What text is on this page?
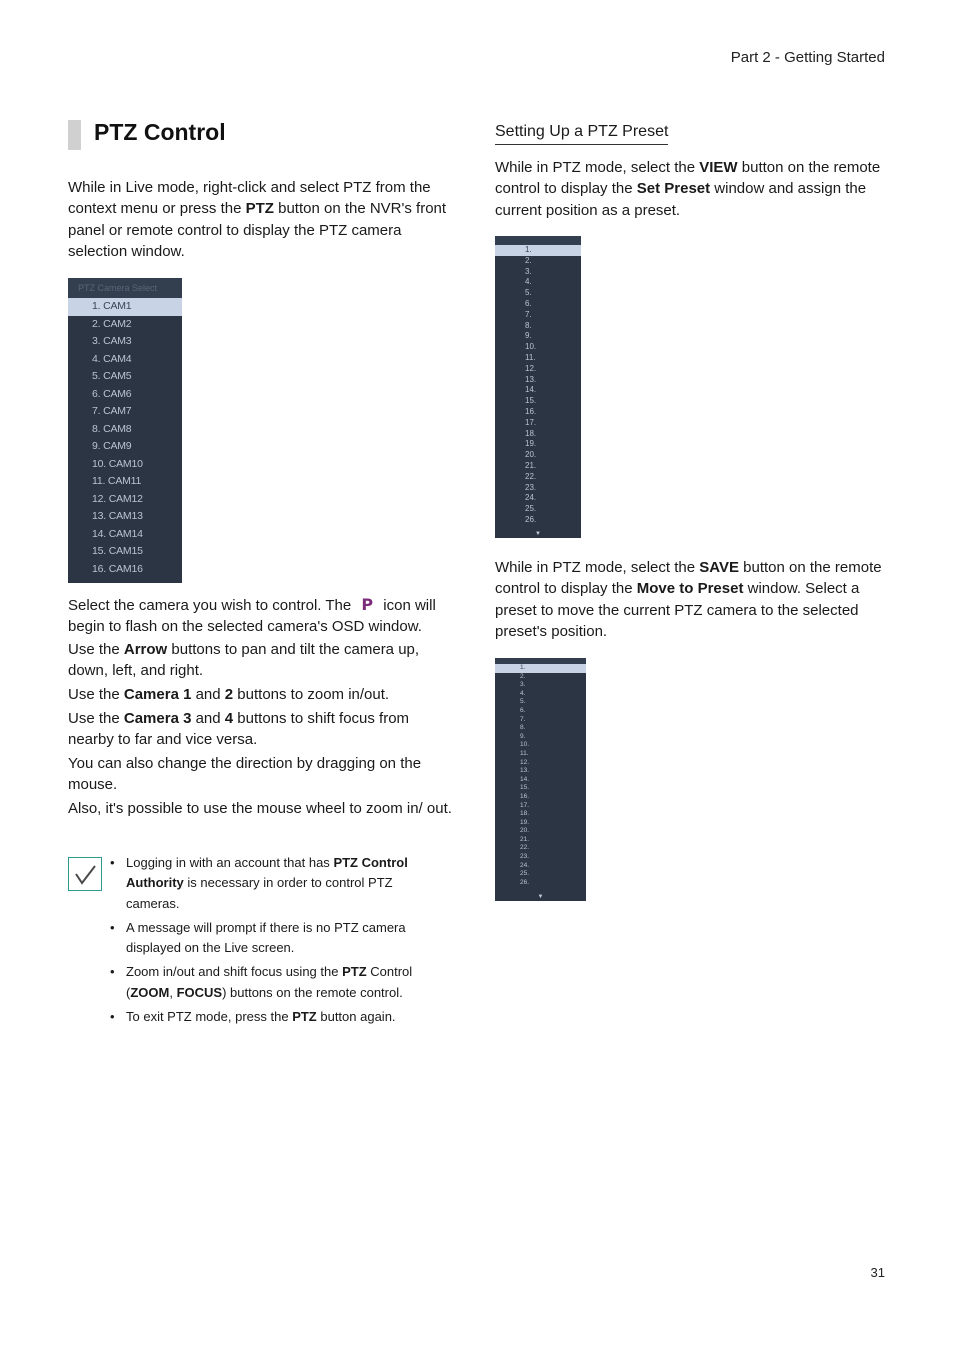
Part 2 - Getting Started
PTZ Control
While in Live mode, right-click and select PTZ from the context menu or press the PTZ button on the NVR's front panel or remote control to display the PTZ camera selection window.
PTZ Camera Select
1. CAM1
2. CAM2
3. CAM3
4. CAM4
5. CAM5
6. CAM6
7. CAM7
8. CAM8
9. CAM9
10. CAM10
11. CAM11
12. CAM12
13. CAM13
14. CAM14
15. CAM15
16. CAM16
Select the camera you wish to control. The P icon will begin to flash on the selected camera's OSD window.
Use the Arrow buttons to pan and tilt the camera up, down, left, and right.
Use the Camera 1 and 2 buttons to zoom in/out.
Use the Camera 3 and 4 buttons to shift focus from nearby to far and vice versa.
You can also change the direction by dragging on the mouse.
Also, it's possible to use the mouse wheel to zoom in/ out.
• Logging in with an account that has PTZ Control Authority is necessary in order to control PTZ cameras.
• A message will prompt if there is no PTZ camera displayed on the Live screen.
• Zoom in/out and shift focus using the PTZ Control (ZOOM, FOCUS) buttons on the remote control.
• To exit PTZ mode, press the PTZ button again.
Setting Up a PTZ Preset
While in PTZ mode, select the VIEW button on the remote control to display the Set Preset window and assign the current position as a preset.
1.
2.
3.
4.
5.
6.
7.
8.
9.
10.
11.
12.
13.
14.
15.
16.
17.
18.
19.
20.
21.
22.
23.
24.
25.
26.
▼
While in PTZ mode, select the SAVE button on the remote control to display the Move to Preset window. Select a preset to move the current PTZ camera to the selected preset's position.
1.
2.
3.
4.
5.
6.
7.
8.
9.
10.
11.
12.
13.
14.
15.
16.
17.
18.
19.
20.
21.
22.
23.
24.
25.
26.
▼
31
